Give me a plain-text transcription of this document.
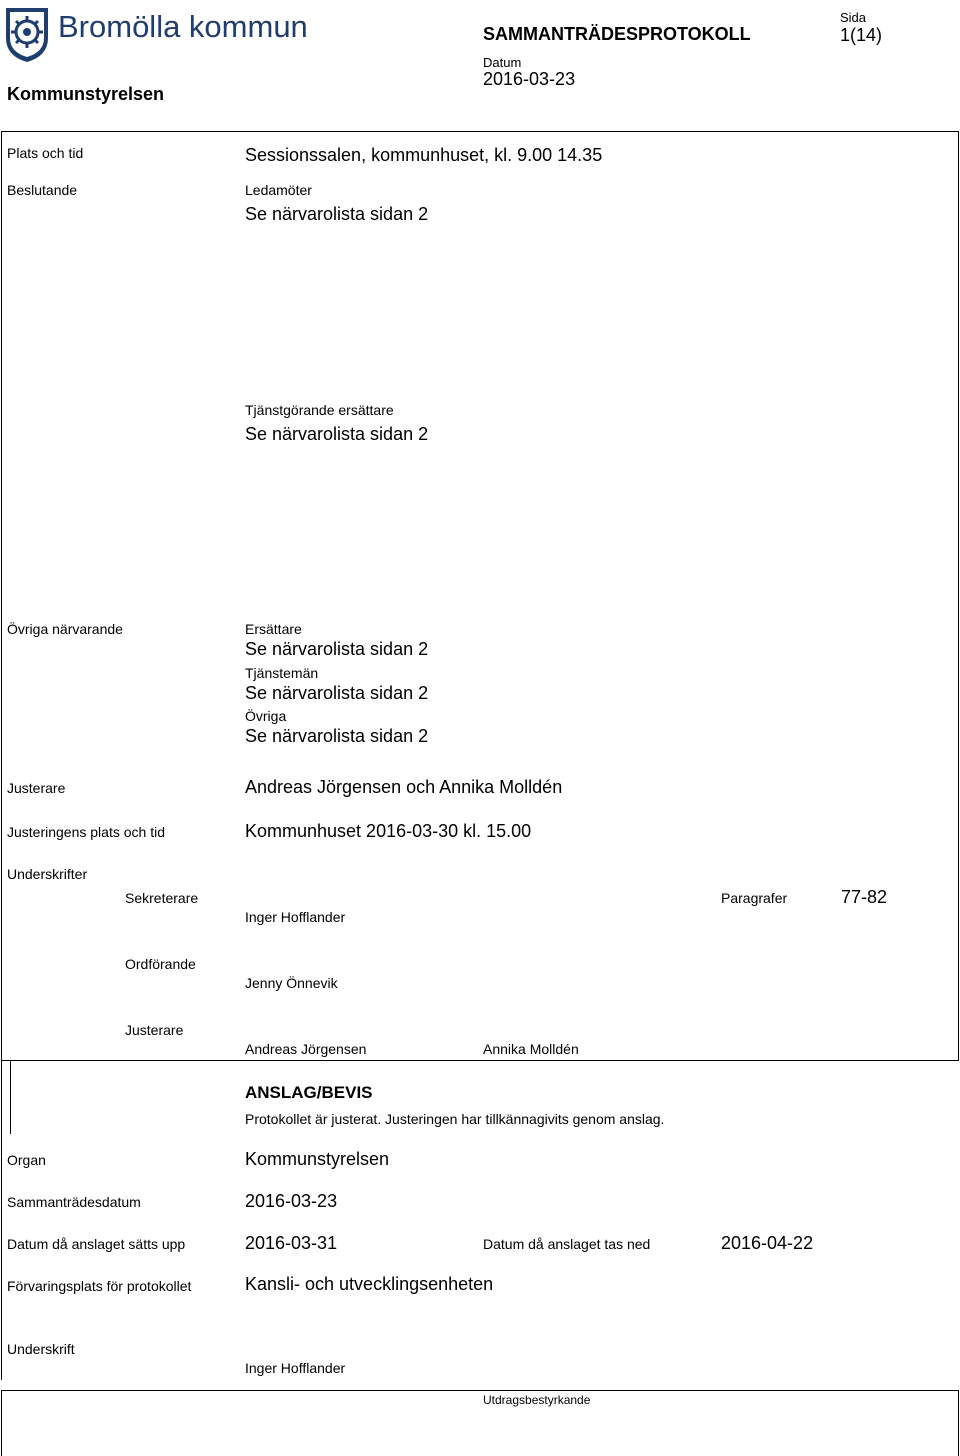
Bromölla kommun
Kommunstyrelsen
SAMMANTRÄDESPROTOKOLL
Datum
2016-03-23
Sida
1(14)
Plats och tid	Sessionssalen, kommunhuset, kl. 9.00 14.35
Beslutande	Ledamöter
Se närvarolista sidan 2
Tjänstgörande ersättare
Se närvarolista sidan 2
Övriga närvarande	Ersättare
Se närvarolista sidan 2
Tjänstemän
Se närvarolista sidan 2
Övriga
Se närvarolista sidan 2
Justerare	Andreas Jörgensen och Annika Molldén
Justeringens plats och tid	Kommunhuset 2016-03-30 kl. 15.00
Underskrifter
Sekreterare
Inger Hofflander
Paragrafer	77-82
Ordförande
Jenny Önnevik
Justerare
Andreas Jörgensen	Annika Molldén
ANSLAG/BEVIS
Protokollet är justerat. Justeringen har tillkännagivits genom anslag.
Organ	Kommunstyrelsen
Sammanträdesdatum	2016-03-23
Datum då anslaget sätts upp	2016-03-31	Datum då anslaget tas ned	2016-04-22
Förvaringsplats för protokollet	Kansli- och utvecklingsenheten
Underskrift
Inger Hofflander
Utdragsbestyrkande
